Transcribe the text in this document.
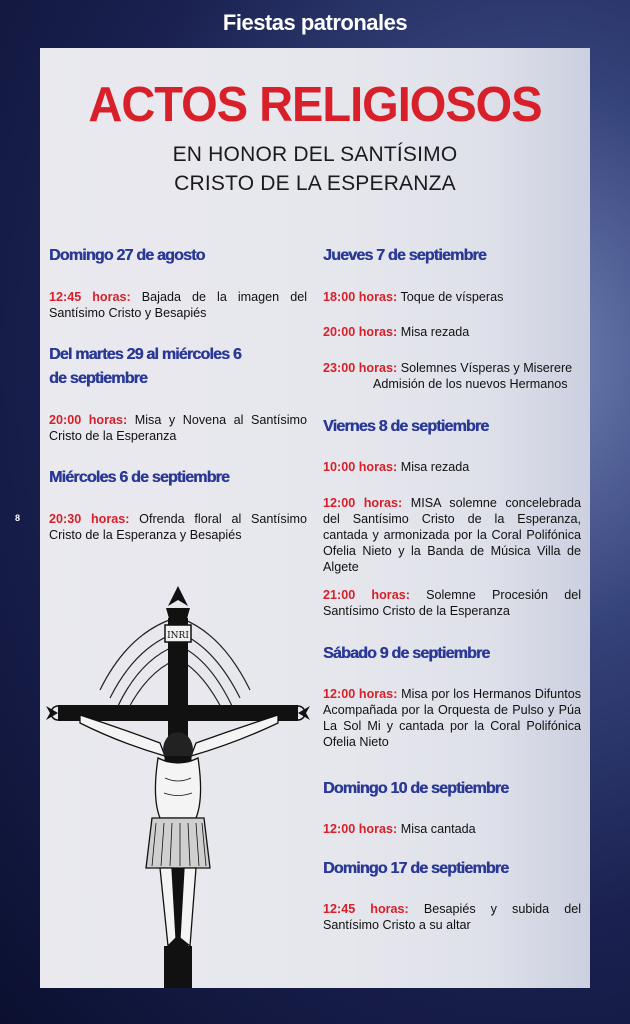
Fiestas patronales
8
ACTOS RELIGIOSOS
EN HONOR DEL SANTÍSIMO
CRISTO DE LA ESPERANZA
Domingo 27 de agosto
12:45 horas: Bajada de la imagen del Santísimo Cristo y Besapiés
Del martes 29 al miércoles 6
de septiembre
20:00 horas: Misa y Novena al Santísimo Cristo de la Esperanza
Miércoles 6 de septiembre
20:30 horas: Ofrenda floral al Santísimo Cristo de la Esperanza y Besapiés
INRI
Jueves 7 de septiembre
18:00 horas: Toque de vísperas
20:00 horas: Misa rezada
23:00 horas: Solemnes Vísperas y Miserere
Admisión de los nuevos Hermanos
Viernes 8 de septiembre
10:00 horas: Misa rezada
12:00 horas: MISA solemne concelebrada del Santísimo Cristo de la Esperanza, cantada y armonizada por la Coral Polifónica Ofelia Nieto y la Banda de Música Villa de Algete
21:00 horas: Solemne Procesión del Santísimo Cristo de la Esperanza
Sábado 9 de septiembre
12:00 horas: Misa por los Hermanos Difuntos Acompañada por la Orquesta de Pulso y Púa La Sol Mi y cantada por la Coral Polifónica Ofelia Nieto
Domingo 10 de septiembre
12:00 horas: Misa cantada
Domingo 17 de septiembre
12:45 horas: Besapiés y subida del Santísimo Cristo a su altar
